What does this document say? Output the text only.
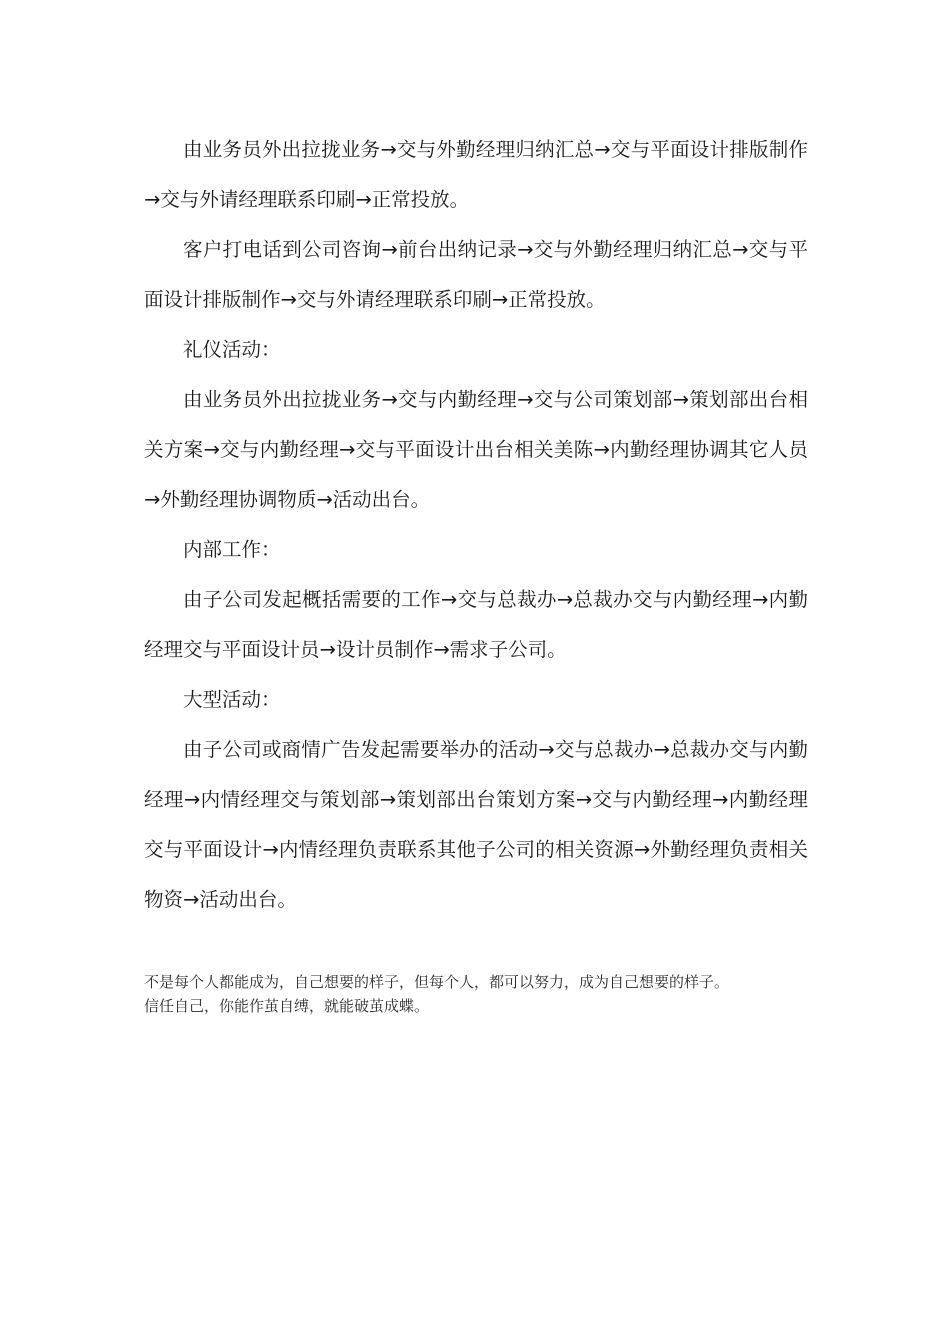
由业务员外出拉拢业务→交与外勤经理归纳汇总→交与平面设计排版制作→交与外请经理联系印刷→正常投放。

客户打电话到公司咨询→前台出纳记录→交与外勤经理归纳汇总→交与平面设计排版制作→交与外请经理联系印刷→正常投放。

礼仪活动：

由业务员外出拉拢业务→交与内勤经理→交与公司策划部→策划部出台相关方案→交与内勤经理→交与平面设计出台相关美陈→内勤经理协调其它人员→外勤经理协调物质→活动出台。

内部工作：

由子公司发起概括需要的工作→交与总裁办→总裁办交与内勤经理→内勤经理交与平面设计员→设计员制作→需求子公司。

大型活动：

由子公司或商情广告发起需要举办的活动→交与总裁办→总裁办交与内勤经理→内情经理交与策划部→策划部出台策划方案→交与内勤经理→内勤经理交与平面设计→内情经理负责联系其他子公司的相关资源→外勤经理负责相关物资→活动出台。

不是每个人都能成为，自己想要的样子，但每个人，都可以努力，成为自己想要的样子。

信任自己，你能作茧自缚，就能破茧成蝶。
